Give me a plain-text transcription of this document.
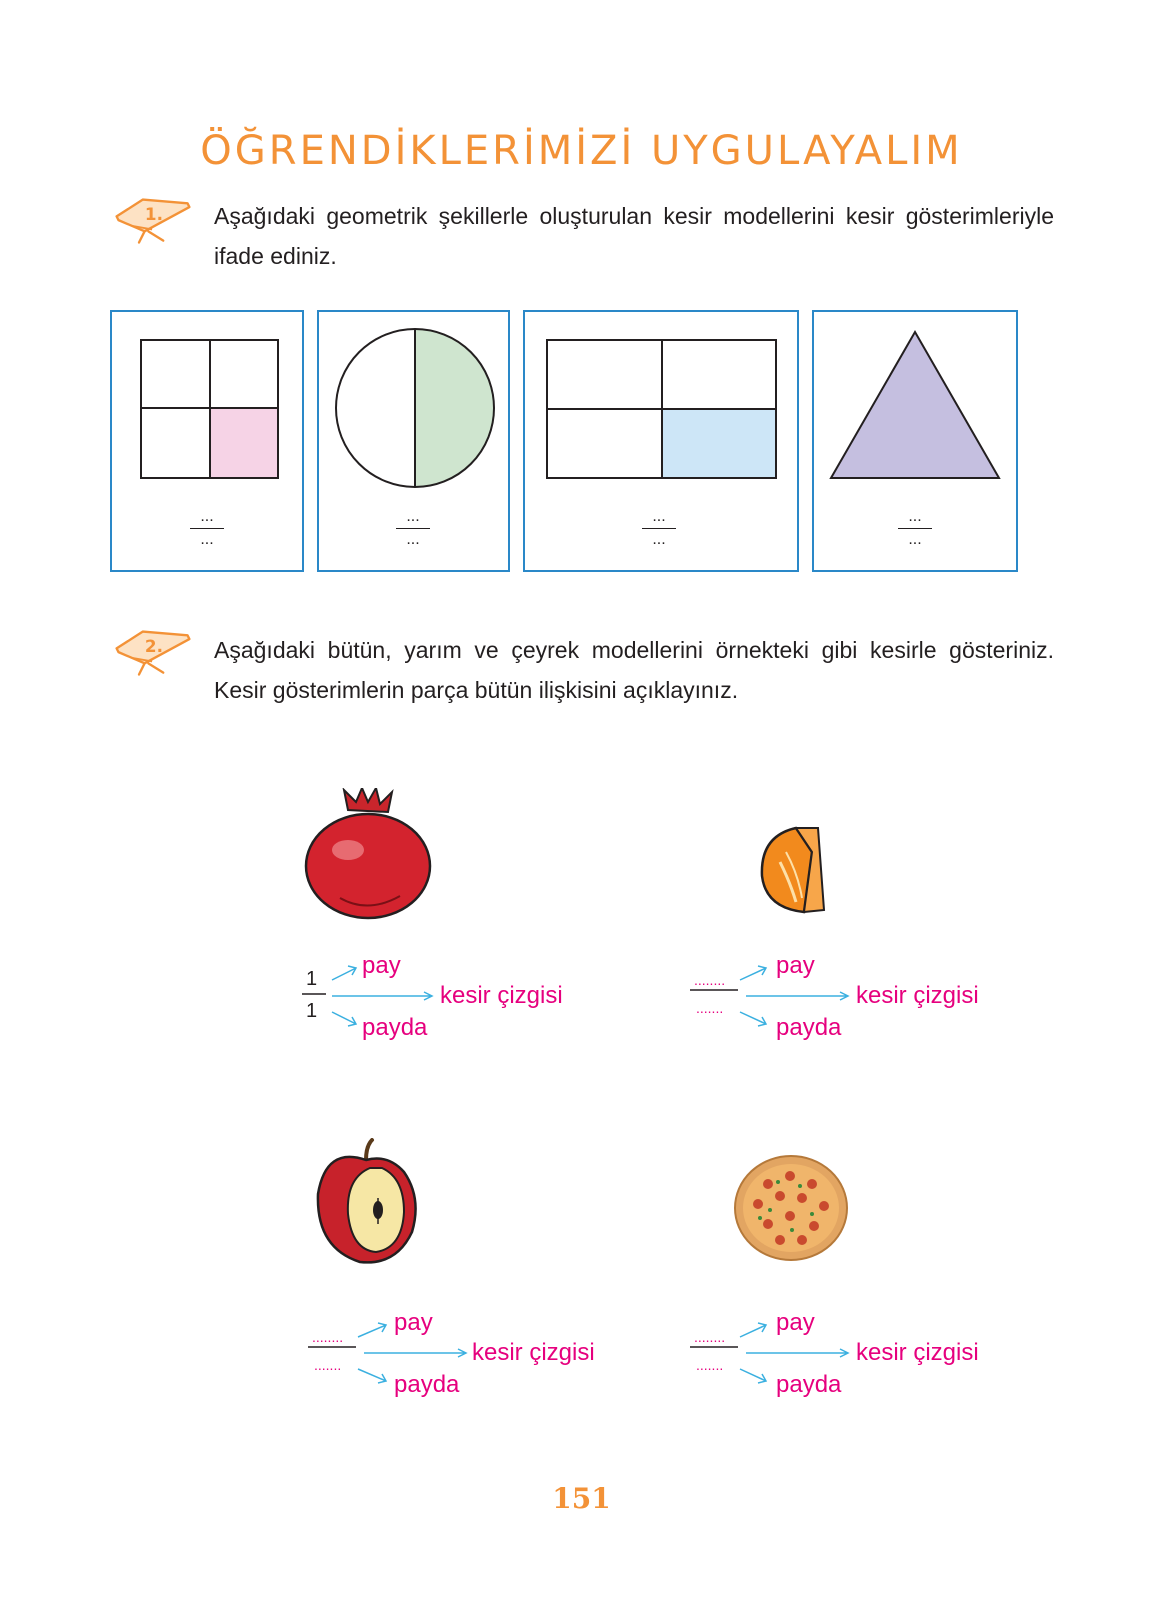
ÖĞRENDİKLERİMİZİ UYGULAYALIM
1. Aşağıdaki geometrik şekillerle oluşturulan kesir modellerini kesir gösterimleriyle ifade ediniz.

...
...
...
...
...
...
...
...
2. Aşağıdaki bütün, yarım ve çeyrek modellerini örnekteki gibi kesirle gösteriniz. Kesir gösterimlerin parça bütün ilişkisini açıklayınız.

1
1
pay
kesir çizgisi
payda
........
.......
pay
kesir çizgisi
payda
........
.......
pay
kesir çizgisi
payda
........
.......
pay
kesir çizgisi
payda
151
